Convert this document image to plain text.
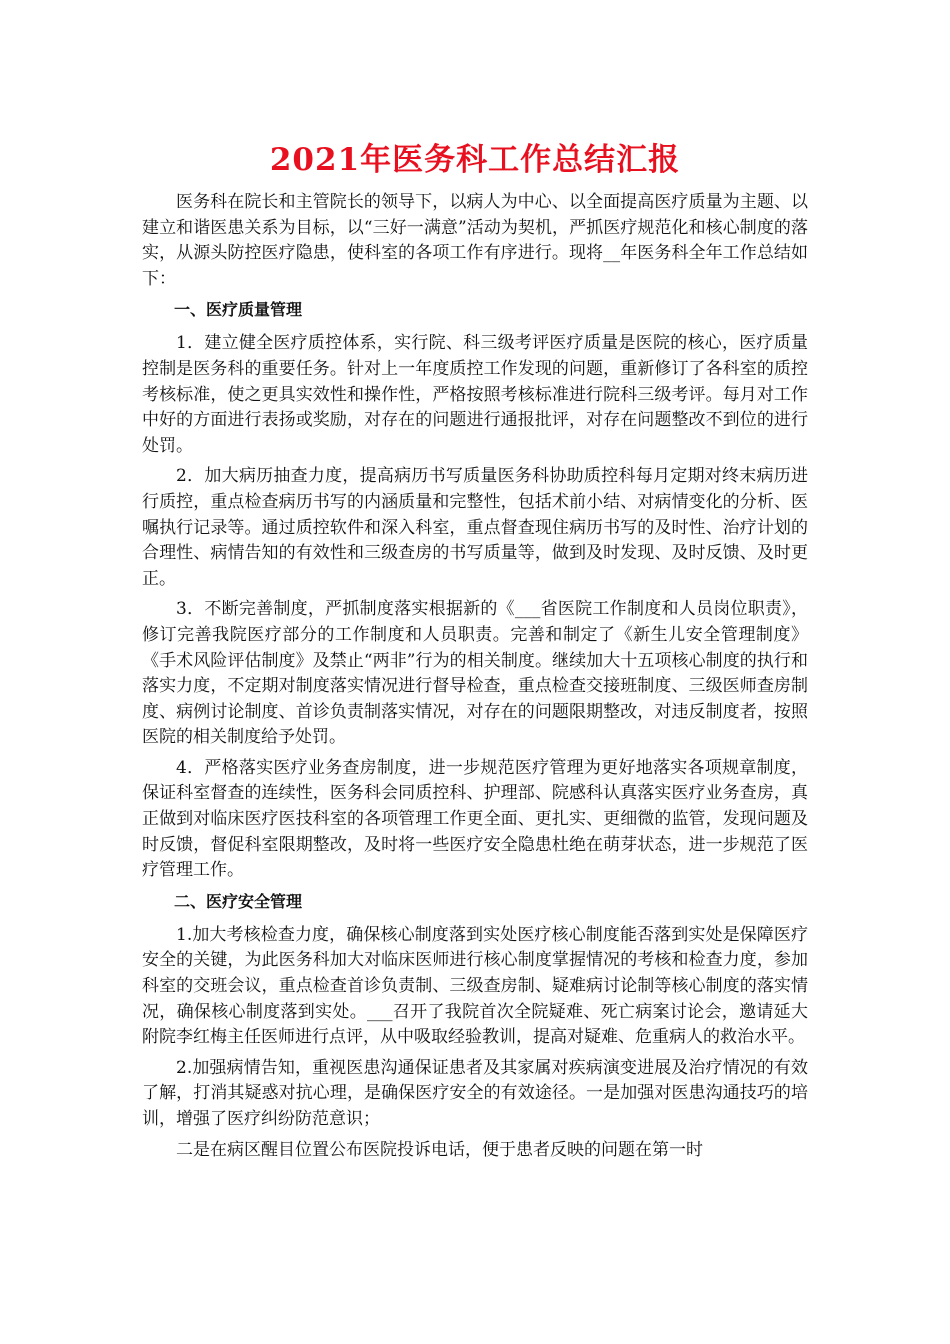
2021年医务科工作总结汇报

医务科在院长和主管院长的领导下，以病人为中心、以全面提高医疗质量为主题、以建立和谐医患关系为目标，以“三好一满意”活动为契机，严抓医疗规范化和核心制度的落实，从源头防控医疗隐患，使科室的各项工作有序进行。现将__年医务科全年工作总结如下：

一、医疗质量管理

1．建立健全医疗质控体系，实行院、科三级考评医疗质量是医院的核心，医疗质量控制是医务科的重要任务。针对上一年度质控工作发现的问题，重新修订了各科室的质控考核标准，使之更具实效性和操作性，严格按照考核标准进行院科三级考评。每月对工作中好的方面进行表扬或奖励，对存在的问题进行通报批评，对存在问题整改不到位的进行处罚。

2．加大病历抽查力度，提高病历书写质量医务科协助质控科每月定期对终末病历进行质控，重点检查病历书写的内涵质量和完整性，包括术前小结、对病情变化的分析、医嘱执行记录等。通过质控软件和深入科室，重点督查现住病历书写的及时性、治疗计划的合理性、病情告知的有效性和三级查房的书写质量等，做到及时发现、及时反馈、及时更正。

3．不断完善制度，严抓制度落实根据新的《___省医院工作制度和人员岗位职责》，修订完善我院医疗部分的工作制度和人员职责。完善和制定了《新生儿安全管理制度》《手术风险评估制度》及禁止“两非”行为的相关制度。继续加大十五项核心制度的执行和落实力度，不定期对制度落实情况进行督导检查，重点检查交接班制度、三级医师查房制度、病例讨论制度、首诊负责制落实情况，对存在的问题限期整改，对违反制度者，按照医院的相关制度给予处罚。

4．严格落实医疗业务查房制度，进一步规范医疗管理为更好地落实各项规章制度，保证科室督查的连续性，医务科会同质控科、护理部、院感科认真落实医疗业务查房，真正做到对临床医疗医技科室的各项管理工作更全面、更扎实、更细微的监管，发现问题及时反馈，督促科室限期整改，及时将一些医疗安全隐患杜绝在萌芽状态，进一步规范了医疗管理工作。

二、医疗安全管理

1.加大考核检查力度，确保核心制度落到实处医疗核心制度能否落到实处是保障医疗安全的关键，为此医务科加大对临床医师进行核心制度掌握情况的考核和检查力度，参加科室的交班会议，重点检查首诊负责制、三级查房制、疑难病讨论制等核心制度的落实情况，确保核心制度落到实处。___召开了我院首次全院疑难、死亡病案讨论会，邀请延大附院李红梅主任医师进行点评，从中吸取经验教训，提高对疑难、危重病人的救治水平。

2.加强病情告知，重视医患沟通保证患者及其家属对疾病演变进展及治疗情况的有效了解，打消其疑惑对抗心理，是确保医疗安全的有效途径。一是加强对医患沟通技巧的培训，增强了医疗纠纷防范意识；

二是在病区醒目位置公布医院投诉电话，便于患者反映的问题在第一时
